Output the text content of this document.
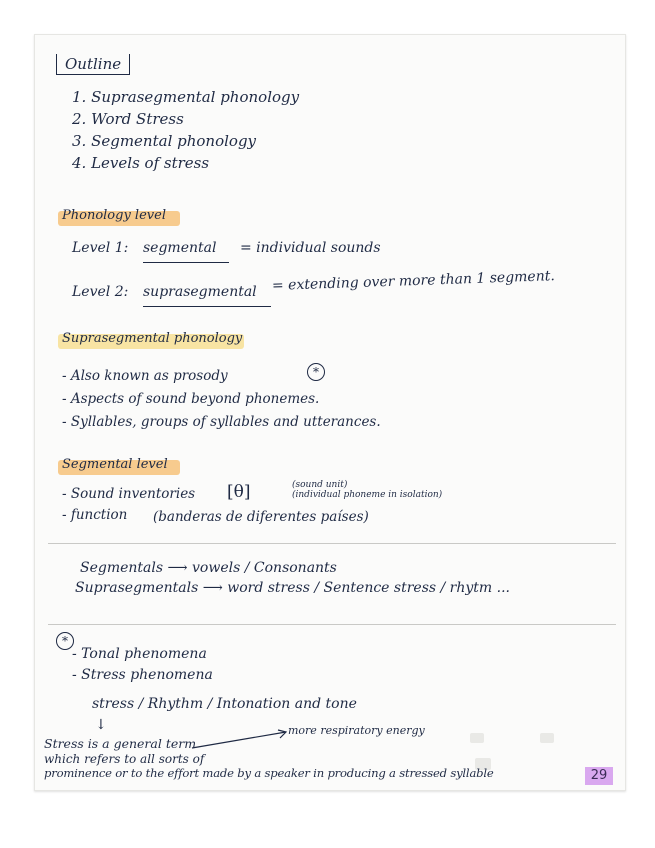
Outline
1. Suprasegmental phonology
2. Word Stress
3. Segmental phonology
4. Levels of stress
Phonology level
Level 1: segmental = individual sounds
Level 2: suprasegmental = extending over more than 1 segment.
Suprasegmental phonology
*
- Also known as prosody
- Aspects of sound beyond phonemes.
- Syllables, groups of syllables and utterances.
Segmental level
- Sound inventories [θ]	(sound unit)
(individual phoneme in isolation)
- function (banderas de diferentes países)
Segmentals ⟶ vowels / Consonants
Suprasegmentals ⟶ word stress / Sentence stress / rhytm ...
*
- Tonal phenomena
- Stress phenomena
stress / Rhythm / Intonation and tone
↓	more respiratory energy
Stress is a general term
which refers to all sorts of
prominence or to the effort made by a speaker in producing a stressed syllable	29
